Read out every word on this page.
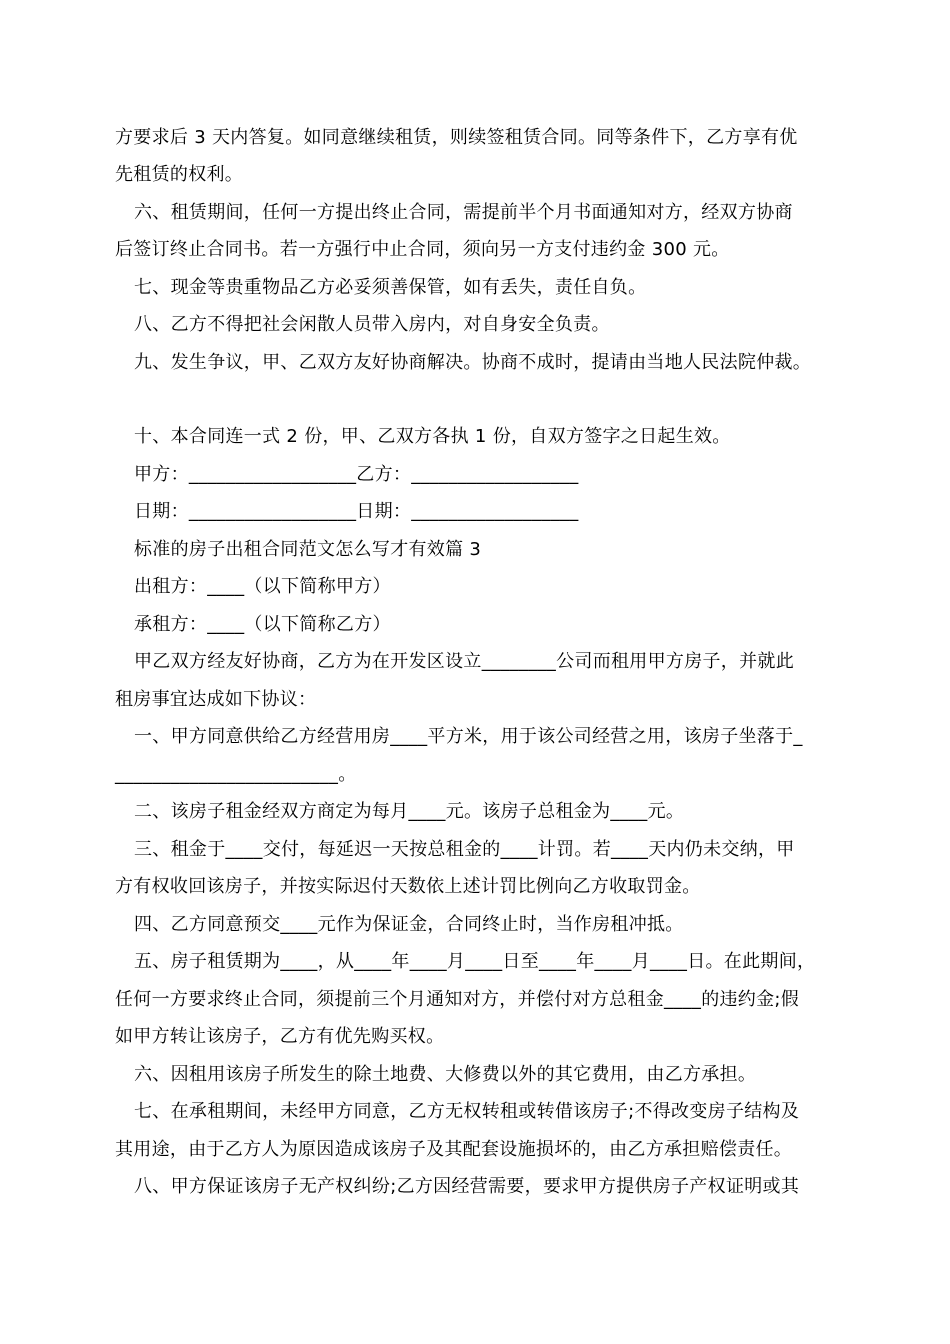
方要求后 3 天内答复。如同意继续租赁，则续签租赁合同。同等条件下，乙方享有优
先租赁的权利。
六、租赁期间，任何一方提出终止合同，需提前半个月书面通知对方，经双方协商
后签订终止合同书。若一方强行中止合同，须向另一方支付违约金 300 元。
七、现金等贵重物品乙方必妥须善保管，如有丢失，责任自负。
八、乙方不得把社会闲散人员带入房内，对自身安全负责。
九、发生争议，甲、乙双方友好协商解决。协商不成时，提请由当地人民法院仲裁。
十、本合同连一式 2 份，甲、乙双方各执 1 份，自双方签字之日起生效。
甲方：__________________乙方：__________________
日期：__________________日期：__________________
标准的房子出租合同范文怎么写才有效篇 3
出租方：____（以下简称甲方）
承租方：____（以下简称乙方）
甲乙双方经友好协商，乙方为在开发区设立________公司而租用甲方房子，并就此
租房事宜达成如下协议：
一、甲方同意供给乙方经营用房____平方米，用于该公司经营之用，该房子坐落于_
________________________。
二、该房子租金经双方商定为每月____元。该房子总租金为____元。
三、租金于____交付，每延迟一天按总租金的____计罚。若____天内仍未交纳，甲
方有权收回该房子，并按实际迟付天数依上述计罚比例向乙方收取罚金。
四、乙方同意预交____元作为保证金，合同终止时，当作房租冲抵。
五、房子租赁期为____，从____年____月____日至____年____月____日。在此期间，
任何一方要求终止合同，须提前三个月通知对方，并偿付对方总租金____的违约金;假
如甲方转让该房子，乙方有优先购买权。
六、因租用该房子所发生的除土地费、大修费以外的其它费用，由乙方承担。
七、在承租期间，未经甲方同意，乙方无权转租或转借该房子;不得改变房子结构及
其用途，由于乙方人为原因造成该房子及其配套设施损坏的，由乙方承担赔偿责任。
八、甲方保证该房子无产权纠纷;乙方因经营需要，要求甲方提供房子产权证明或其
